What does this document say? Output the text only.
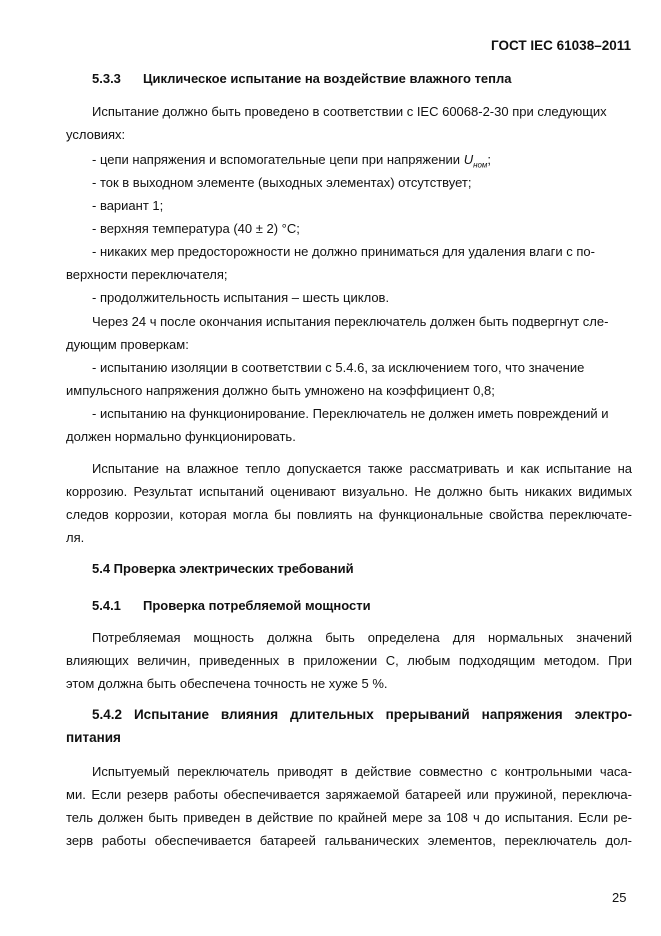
ГОСТ IEC 61038–2011
5.3.3 Циклическое испытание на воздействие влажного тепла
Испытание должно быть проведено в соответствии с IEC 60068-2-30 при следующих
условиях:
- цепи напряжения и вспомогательные цепи при напряжении $U_{ном}$;
- ток в выходном элементе (выходных элементах) отсутствует;
- вариант 1;
- верхняя температура (40 ± 2) °С;
- никаких мер предосторожности не должно приниматься для удаления влаги с по-
верхности переключателя;
- продолжительность испытания – шесть циклов.
Через 24 ч после окончания испытания переключатель должен быть подвергнут сле-
дующим проверкам:
- испытанию изоляции в соответствии с 5.4.6, за исключением того, что значение
импульсного напряжения должно быть умножено на коэффициент 0,8;
- испытанию на функционирование. Переключатель не должен иметь повреждений и
должен нормально функционировать.
Испытание на влажное тепло допускается также рассматривать и как испытание на
коррозию. Результат испытаний оценивают визуально. Не должно быть никаких видимых
следов коррозии, которая могла бы повлиять на функциональные свойства переключате-
ля.
5.4 Проверка электрических требований
5.4.1 Проверка потребляемой мощности
Потребляемая мощность должна быть определена для нормальных значений
влияющих величин, приведенных в приложении С, любым подходящим методом. При
этом должна быть обеспечена точность не хуже 5 %.
5.4.2 Испытание влияния длительных прерываний напряжения электро-
питания
Испытуемый переключатель приводят в действие совместно с контрольными часа-
ми. Если резерв работы обеспечивается заряжаемой батареей или пружиной, переключа-
тель должен быть приведен в действие по крайней мере за 108 ч до испытания. Если ре-
зерв работы обеспечивается батареей гальванических элементов, переключатель дол-
25
